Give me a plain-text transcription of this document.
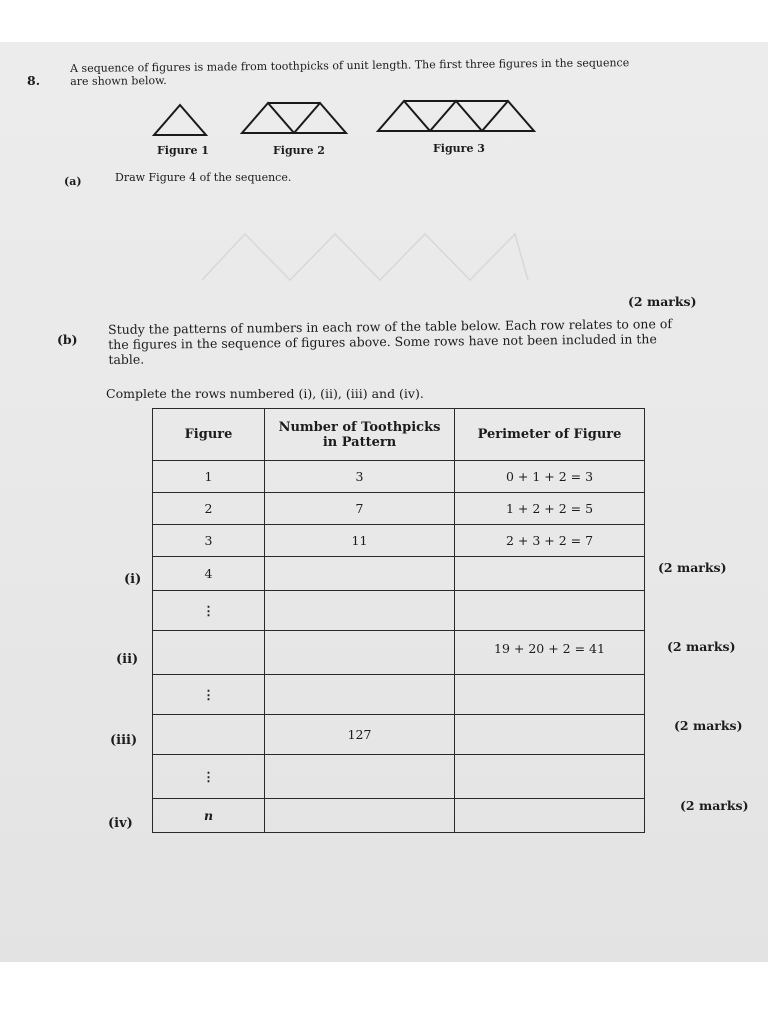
8.
A sequence of figures is made from toothpicks of unit length. The first three figures in the sequence
are shown below.
Figure 1	Figure 2	Figure 3
(a)	Draw Figure 4 of the sequence.
(2 marks)
(b)
Study the patterns of numbers in each row of the table below. Each row relates to one of
the figures in the sequence of figures above. Some rows have not been included in the
table.
Complete the rows numbered (i), (ii), (iii) and (iv).
Figure	Number of Toothpicks in Pattern	Perimeter of Figure
1	3	0 + 1 + 2 = 3
2	7	1 + 2 + 2 = 5
3	11	2 + 3 + 2 = 7
4		
⋮		
		19 + 20 + 2 = 41
⋮		
	127	
⋮		
n		
(i)
(ii)
(iii)
(iv)
(2 marks)
(2 marks)
(2 marks)
(2 marks)
